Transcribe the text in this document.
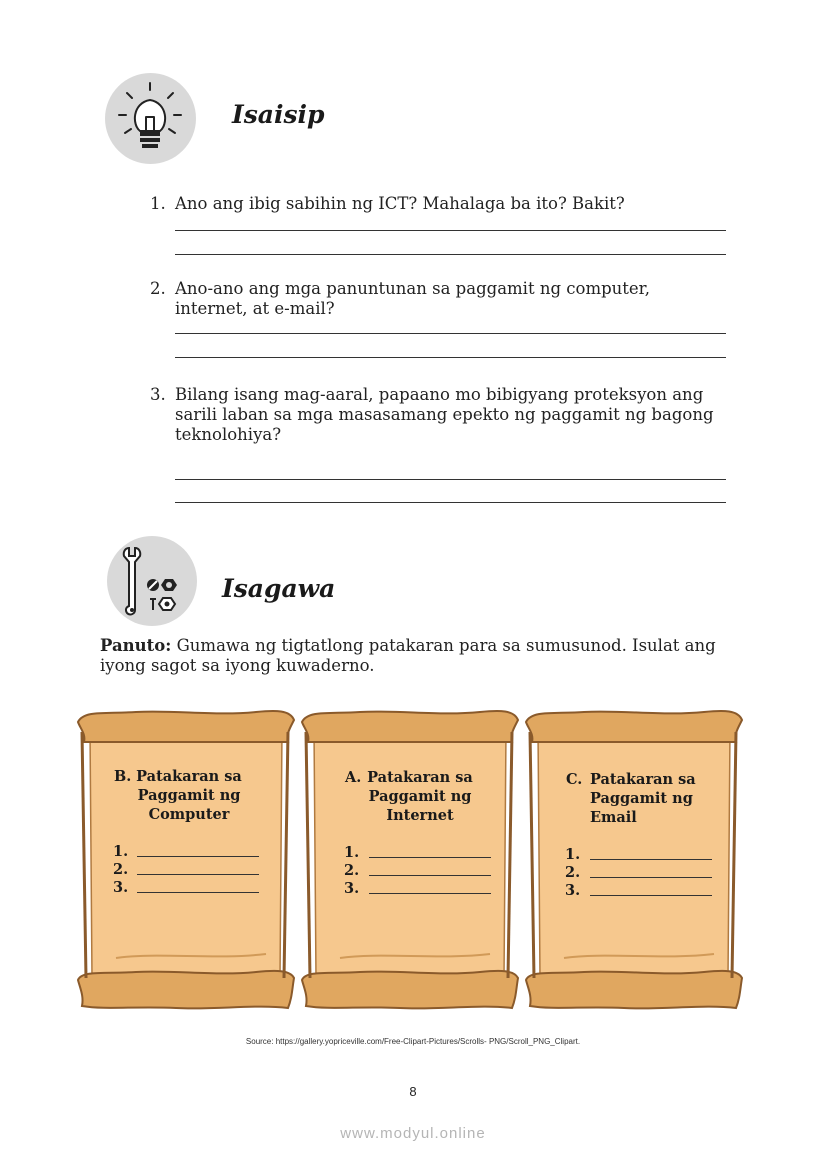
Isaisip
1. Ano ang ibig sabihin ng ICT? Mahalaga ba ito? Bakit?
2. Ano-ano ang mga panuntunan sa paggamit ng computer, internet, at e-mail?
3. Bilang isang mag-aaral, papaano mo bibigyang proteksyon ang sarili laban sa mga masasamang epekto ng paggamit ng bagong teknolohiya?
Isagawa
Panuto: Gumawa ng tigtatlong patakaran para sa sumusunod. Isulat ang iyong sagot sa iyong kuwaderno.
B. Patakaran sa Paggamit ng Computer
1.
2.
3.
A. Patakaran sa Paggamit ng Internet
1.
2.
3.
C. Patakaran sa Paggamit ng Email
1.
2.
3.
Source: https://gallery.yopriceville.com/Free-Clipart-Pictures/Scrolls- PNG/Scroll_PNG_Clipart.
8
www.modyul.online
